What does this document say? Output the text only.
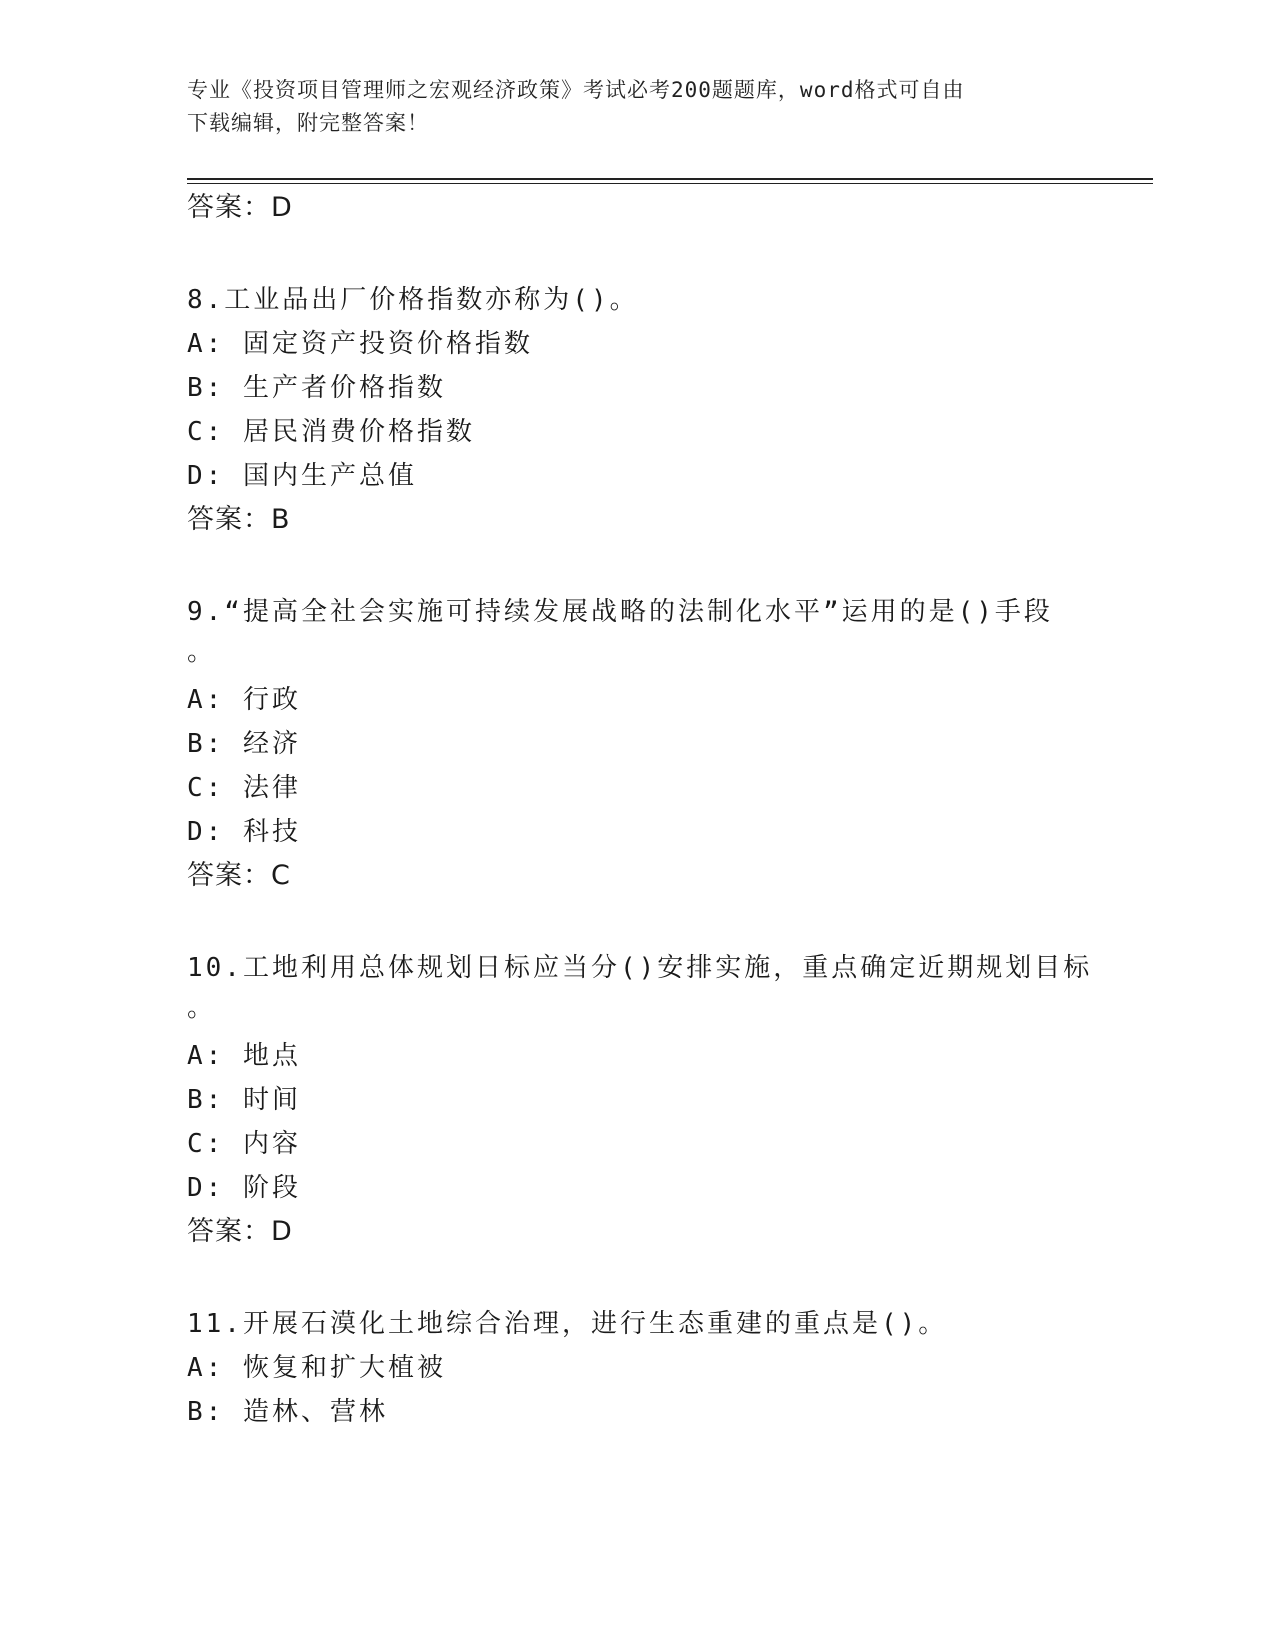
专业《投资项目管理师之宏观经济政策》考试必考200题题库，word格式可自由
下载编辑，附完整答案！
答案：D
8.工业品出厂价格指数亦称为()。
A: 固定资产投资价格指数
B: 生产者价格指数
C: 居民消费价格指数
D: 国内生产总值
答案：B
9.“提高全社会实施可持续发展战略的法制化水平”运用的是()手段
。
A: 行政
B: 经济
C: 法律
D: 科技
答案：C
10.工地利用总体规划日标应当分()安排实施，重点确定近期规划目标
。
A: 地点
B: 时间
C: 内容
D: 阶段
答案：D
11.开展石漠化土地综合治理，进行生态重建的重点是()。
A: 恢复和扩大植被
B: 造林、营林
